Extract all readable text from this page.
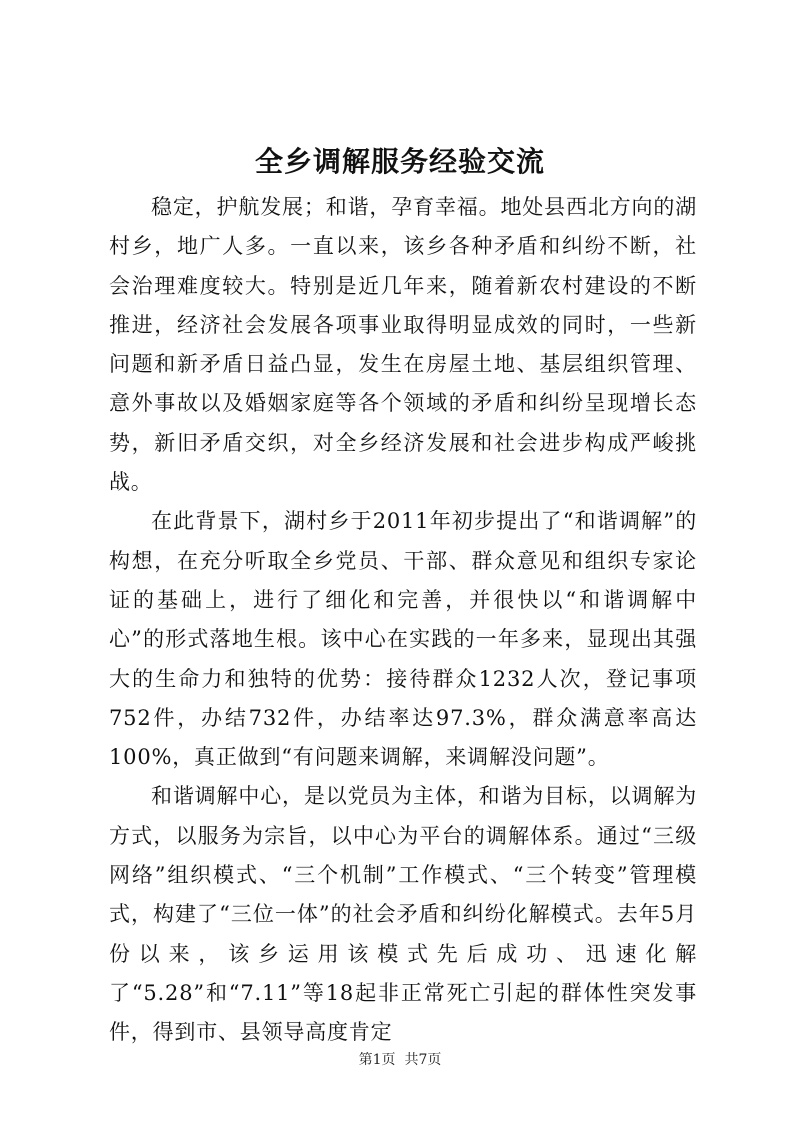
全乡调解服务经验交流

稳定，护航发展；和谐，孕育幸福。地处县西北方向的湖村乡，地广人多。一直以来，该乡各种矛盾和纠纷不断，社会治理难度较大。特别是近几年来，随着新农村建设的不断推进，经济社会发展各项事业取得明显成效的同时，一些新问题和新矛盾日益凸显，发生在房屋土地、基层组织管理、意外事故以及婚姻家庭等各个领域的矛盾和纠纷呈现增长态势，新旧矛盾交织，对全乡经济发展和社会进步构成严峻挑战。

在此背景下，湖村乡于2011年初步提出了“和谐调解”的构想，在充分听取全乡党员、干部、群众意见和组织专家论证的基础上，进行了细化和完善，并很快以“和谐调解中心”的形式落地生根。该中心在实践的一年多来，显现出其强大的生命力和独特的优势：接待群众1232人次，登记事项752件，办结732件，办结率达97.3%，群众满意率高达100%，真正做到“有问题来调解，来调解没问题”。

和谐调解中心，是以党员为主体，和谐为目标，以调解为方式，以服务为宗旨，以中心为平台的调解体系。通过“三级网络”组织模式、“三个机制”工作模式、“三个转变”管理模式，构建了“三位一体”的社会矛盾和纠纷化解模式。去年5月份以来，该乡运用该模式先后成功、迅速化解了“5.28”和“7.11”等18起非正常死亡引起的群体性突发事件，得到市、县领导高度肯定

第1页  共7页
